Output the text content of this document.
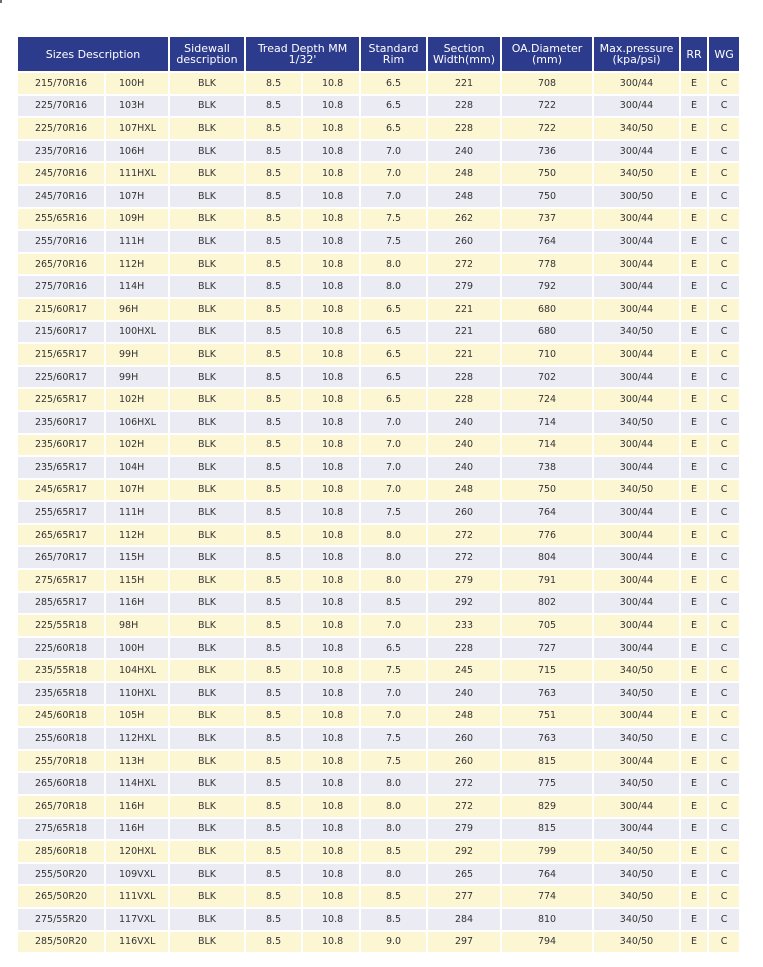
Sizes Description		Sidewall description	Tread Depth MM 1/32'		Standard Rim	Section Width(mm)	OA.Diameter (mm)	Max.pressure (kpa/psi)	RR	WG
215/70R16	100H	BLK	8.5	10.8	6.5	221	708	300/44	E	C
225/70R16	103H	BLK	8.5	10.8	6.5	228	722	300/44	E	C
225/70R16	107HXL	BLK	8.5	10.8	6.5	228	722	340/50	E	C
235/70R16	106H	BLK	8.5	10.8	7.0	240	736	300/44	E	C
245/70R16	111HXL	BLK	8.5	10.8	7.0	248	750	340/50	E	C
245/70R16	107H	BLK	8.5	10.8	7.0	248	750	300/50	E	C
255/65R16	109H	BLK	8.5	10.8	7.5	262	737	300/44	E	C
255/70R16	111H	BLK	8.5	10.8	7.5	260	764	300/44	E	C
265/70R16	112H	BLK	8.5	10.8	8.0	272	778	300/44	E	C
275/70R16	114H	BLK	8.5	10.8	8.0	279	792	300/44	E	C
215/60R17	96H	BLK	8.5	10.8	6.5	221	680	300/44	E	C
215/60R17	100HXL	BLK	8.5	10.8	6.5	221	680	340/50	E	C
215/65R17	99H	BLK	8.5	10.8	6.5	221	710	300/44	E	C
225/60R17	99H	BLK	8.5	10.8	6.5	228	702	300/44	E	C
225/65R17	102H	BLK	8.5	10.8	6.5	228	724	300/44	E	C
235/60R17	106HXL	BLK	8.5	10.8	7.0	240	714	340/50	E	C
235/60R17	102H	BLK	8.5	10.8	7.0	240	714	300/44	E	C
235/65R17	104H	BLK	8.5	10.8	7.0	240	738	300/44	E	C
245/65R17	107H	BLK	8.5	10.8	7.0	248	750	340/50	E	C
255/65R17	111H	BLK	8.5	10.8	7.5	260	764	300/44	E	C
265/65R17	112H	BLK	8.5	10.8	8.0	272	776	300/44	E	C
265/70R17	115H	BLK	8.5	10.8	8.0	272	804	300/44	E	C
275/65R17	115H	BLK	8.5	10.8	8.0	279	791	300/44	E	C
285/65R17	116H	BLK	8.5	10.8	8.5	292	802	300/44	E	C
225/55R18	98H	BLK	8.5	10.8	7.0	233	705	300/44	E	C
225/60R18	100H	BLK	8.5	10.8	6.5	228	727	300/44	E	C
235/55R18	104HXL	BLK	8.5	10.8	7.5	245	715	340/50	E	C
235/65R18	110HXL	BLK	8.5	10.8	7.0	240	763	340/50	E	C
245/60R18	105H	BLK	8.5	10.8	7.0	248	751	300/44	E	C
255/60R18	112HXL	BLK	8.5	10.8	7.5	260	763	340/50	E	C
255/70R18	113H	BLK	8.5	10.8	7.5	260	815	300/44	E	C
265/60R18	114HXL	BLK	8.5	10.8	8.0	272	775	340/50	E	C
265/70R18	116H	BLK	8.5	10.8	8.0	272	829	300/44	E	C
275/65R18	116H	BLK	8.5	10.8	8.0	279	815	300/44	E	C
285/60R18	120HXL	BLK	8.5	10.8	8.5	292	799	340/50	E	C
255/50R20	109VXL	BLK	8.5	10.8	8.0	265	764	340/50	E	C
265/50R20	111VXL	BLK	8.5	10.8	8.5	277	774	340/50	E	C
275/55R20	117VXL	BLK	8.5	10.8	8.5	284	810	340/50	E	C
285/50R20	116VXL	BLK	8.5	10.8	9.0	297	794	340/50	E	C
